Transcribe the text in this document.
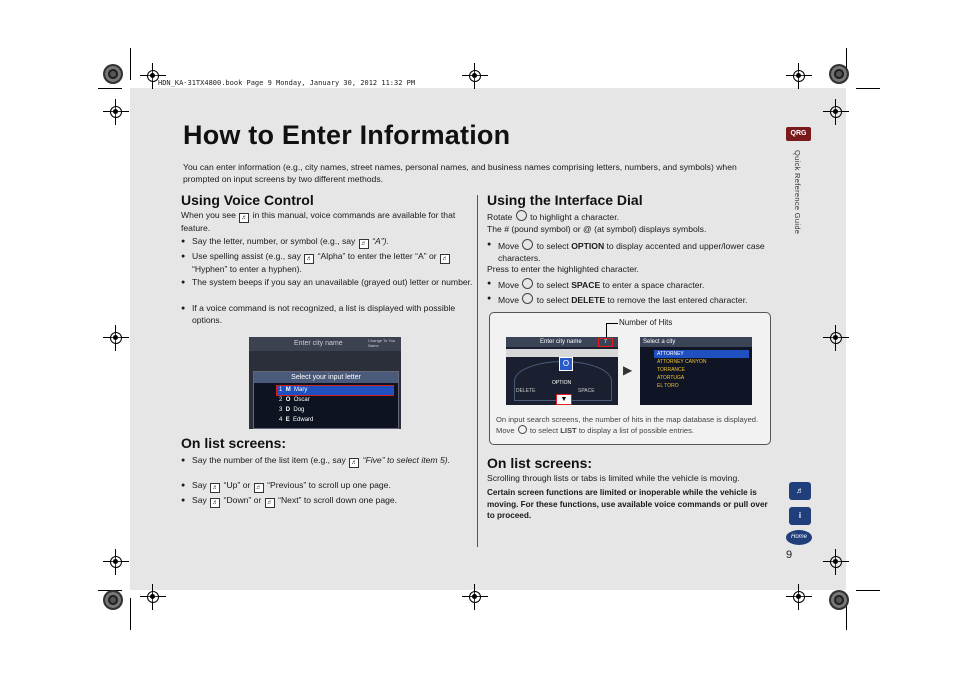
HDN_KA-31TX4800.book Page 9 Monday, January 30, 2012 11:32 PM
How to Enter Information
You can enter information (e.g., city names, street names, personal names, and business names comprising letters, numbers, and symbols) when prompted on input screens by two different methods.
Using Voice Control
When you see ♬ in this manual, voice commands are available for that feature.
● Say the letter, number, or symbol (e.g., say ♬ “A”).
● Use spelling assist (e.g., say ♬ “Alpha” to enter the letter “A” or ♬ “Hyphen” to enter a hyphen).
● The system beeps if you say an unavailable (grayed out) letter or number.
● If a voice command is not recognized, a list is displayed with possible options.
Enter city name	Change To You Name
Select your input letter
1 M Mary
2 O Oscar
3 D Dog
4 E Edward
On list screens:
● Say the number of the list item (e.g., say ♬ “Five” to select item 5).
● Say ♬ “Up” or ♬ “Previous” to scroll up one page.
● Say ♬ “Down” or ♬ “Next” to scroll down one page.
Using the Interface Dial
Rotate to highlight a character.
The # (pound symbol) or @ (at symbol) displays symbols.
● Move to select OPTION to display accented and upper/lower case characters.
Press to enter the highlighted character.
● Move to select SPACE to enter a space character.
● Move to select DELETE to remove the last entered character.
Number of Hits
Enter city name	7
O
OPTION
DELETE	SPACE
▼
▶
Select a city
ATTORNEY
ATTORNEY CANYON
TORRANCE
ATORTUGA
EL TORO
On input search screens, the number of hits in the map database is displayed. Move to select LIST to display a list of possible entries.
On list screens:
Scrolling through lists or tabs is limited while the vehicle is moving.
Certain screen functions are limited or inoperable while the vehicle is moving. For these functions, use available voice commands or pull over to proceed.
QRG
Quick Reference Guide
♬
i
Home
9
